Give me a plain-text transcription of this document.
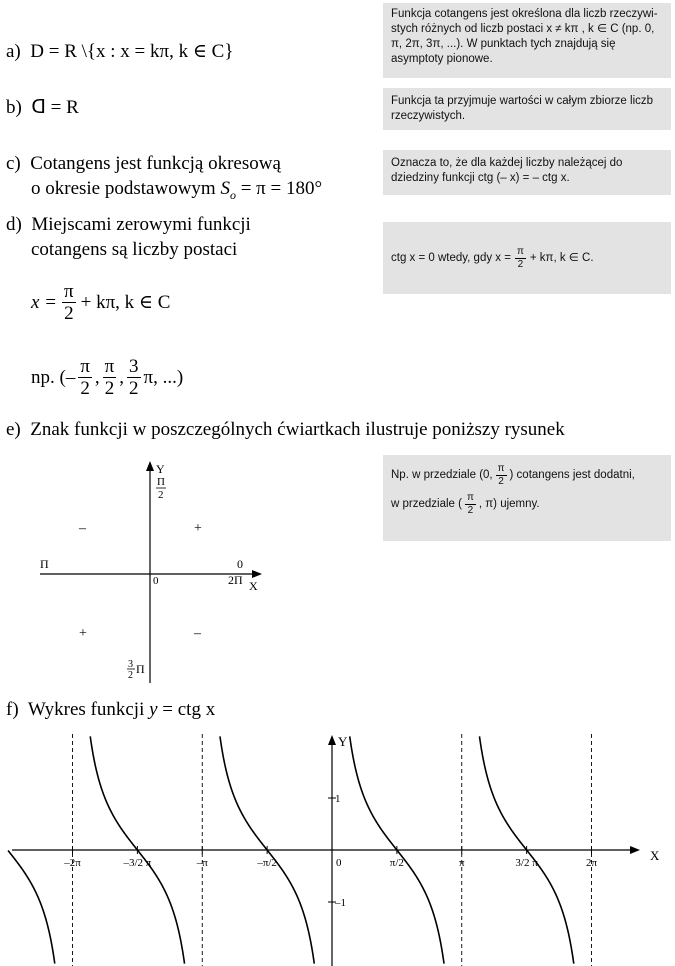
a) D = R \{x : x = kπ, k ∈ C}
Funkcja cotangens jest określona dla liczb rzeczywi-stych różnych od liczb postaci x ≠ kπ , k ∈ C (np. 0, π, 2π, 3π, ...). W punktach tych znajdują się asymptoty pionowe.
b) ᗡ = R	Funkcja ta przyjmuje wartości w całym zbiorze liczb rzeczywistych.
c) Cotangens jest funkcją okresową
o okresie podstawowym $S_o = \pi = 180^\circ$
Oznacza to, że dla każdej liczby należącej do
dziedziny funkcji ctg (– x) = – ctg x.
d) Miejscami zerowymi funkcji
cotangens są liczby postaci
$x = \frac{\pi}{2} + k\pi$, k ∈ C
np. (– $\frac{\pi}{2}$ , $\frac{\pi}{2}$ , $\frac{3}{2} \pi$, ...)
ctg x = 0 wtedy, gdy $x = \frac{\pi}{2} + k\pi$, k ∈ C.
e) Znak funkcji w poszczególnych ćwiartkach ilustruje poniższy rysunek
Np. w przedziale (0, $\frac{\pi}{2}$ ) cotangens jest dodatni,
w przedziale ( $\frac{\pi}{2}$ , π) ujemny.
Y
Π
2
–	+
Π	0
0	2Π X
+	–
3
2 Π
f) Wykres funkcji y = ctg x
X
Y
1
–1
–2π	–3/2 π	–π	–π/2	0	π/2	π	3/2 π	2π
